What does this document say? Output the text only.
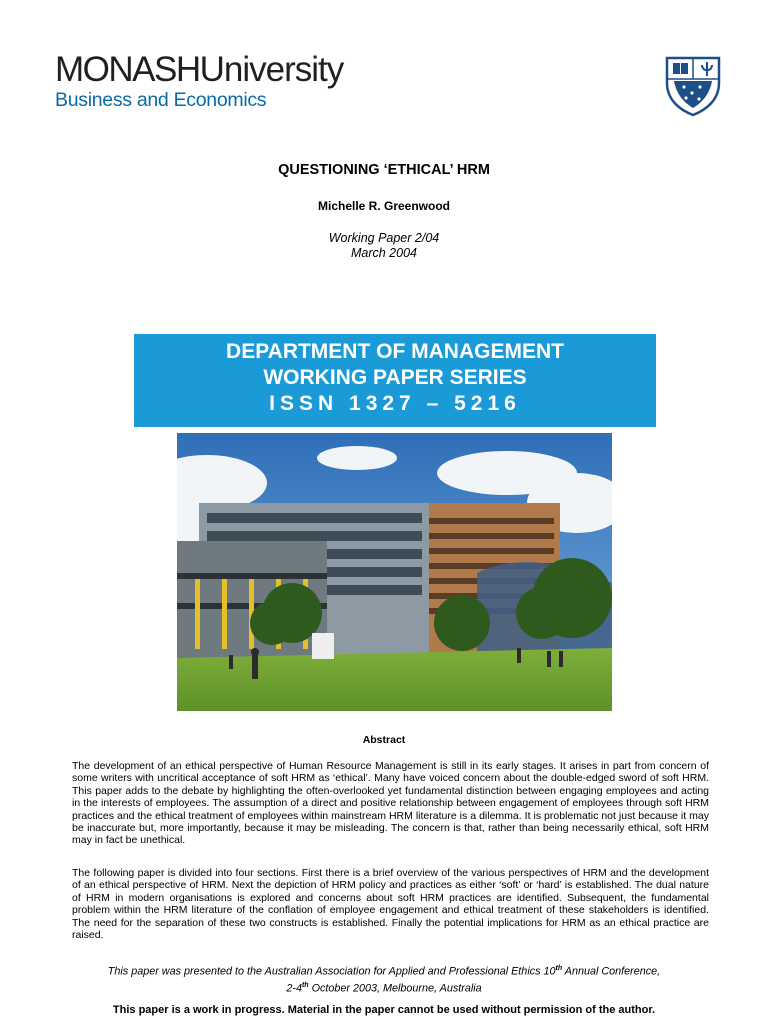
MONASHUniversity
Business and Economics
QUESTIONING ‘ETHICAL’ HRM
Michelle R. Greenwood
Working Paper 2/04
March 2004
DEPARTMENT OF MANAGEMENT
WORKING PAPER SERIES
ISSN 1327 – 5216
Abstract
The development of an ethical perspective of Human Resource Management is still in its early stages. It arises in part from concern of some writers with uncritical acceptance of soft HRM as ‘ethical’. Many have voiced concern about the double-edged sword of soft HRM. This paper adds to the debate by highlighting the often-overlooked yet fundamental distinction between engaging employees and acting in the interests of employees. The assumption of a direct and positive relationship between engagement of employees through soft HRM practices and the ethical treatment of employees within mainstream HRM literature is a dilemma. It is problematic not just because it may be inaccurate but, more importantly, because it may be misleading. The concern is that, rather than being necessarily ethical, soft HRM may in fact be unethical.
The following paper is divided into four sections. First there is a brief overview of the various perspectives of HRM and the development of an ethical perspective of HRM. Next the depiction of HRM policy and practices as either ‘soft’ or ‘hard’ is established. The dual nature of HRM in modern organisations is explored and concerns about soft HRM practices are identified. Subsequent, the fundamental problem within the HRM literature of the conflation of employee engagement and ethical treatment of these stakeholders is identified. The need for the separation of these two constructs is established. Finally the potential implications for HRM as an ethical practice are raised.
This paper was presented to the Australian Association for Applied and Professional Ethics 10th Annual Conference,
2-4th October 2003, Melbourne, Australia
This paper is a work in progress. Material in the paper cannot be used without permission of the author.
